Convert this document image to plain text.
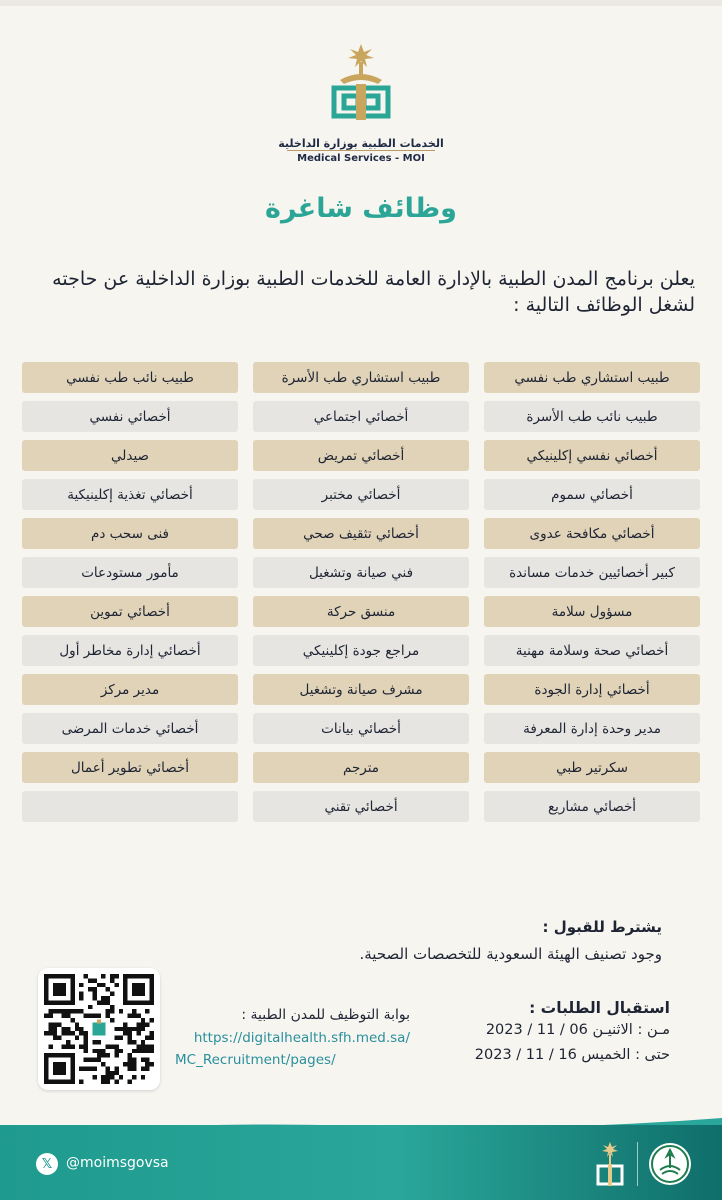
الخدمات الطبية بوزارة الداخلية
Medical Services - MOI
وظائف شاغرة
يعلن برنامج المدن الطبية بالإدارة العامة للخدمات الطبية بوزارة الداخلية عن حاجته لشغل الوظائف التالية :
طبيب استشاري طب نفسي
طبيب استشاري طب الأسرة
طبيب نائب طب نفسي
طبيب نائب طب الأسرة
أخصائي اجتماعي
أخصائي نفسي
أخصائي نفسي إكلينيكي
أخصائي تمريض
صيدلي
أخصائي سموم
أخصائي مختبر
أخصائي تغذية إكلينيكية
أخصائي مكافحة عدوى
أخصائي تثقيف صحي
فنى سحب دم
كبير أخصائيين خدمات مساندة
فني صيانة وتشغيل
مأمور مستودعات
مسؤول سلامة
منسق حركة
أخصائي تموين
أخصائي صحة وسلامة مهنية
مراجع جودة إكلينيكي
أخصائي إدارة مخاطر أول
أخصائي إدارة الجودة
مشرف صيانة وتشغيل
مدير مركز
مدير وحدة إدارة المعرفة
أخصائي بيانات
أخصائي خدمات المرضى
سكرتير طبي
مترجم
أخصائي تطوير أعمال
أخصائي مشاريع
أخصائي تقني
يشترط للقبول :
وجود تصنيف الهيئة السعودية للتخصصات الصحية.
استقبال الطلبات :
مـن : الاثنيـن 06 / 11 / 2023
حتى : الخميس 16 / 11 / 2023
بوابة التوظيف للمدن الطبية :
https://digitalhealth.sfh.med.sa/
MC_Recruitment/pages/
𝕏 @moimsgovsa
